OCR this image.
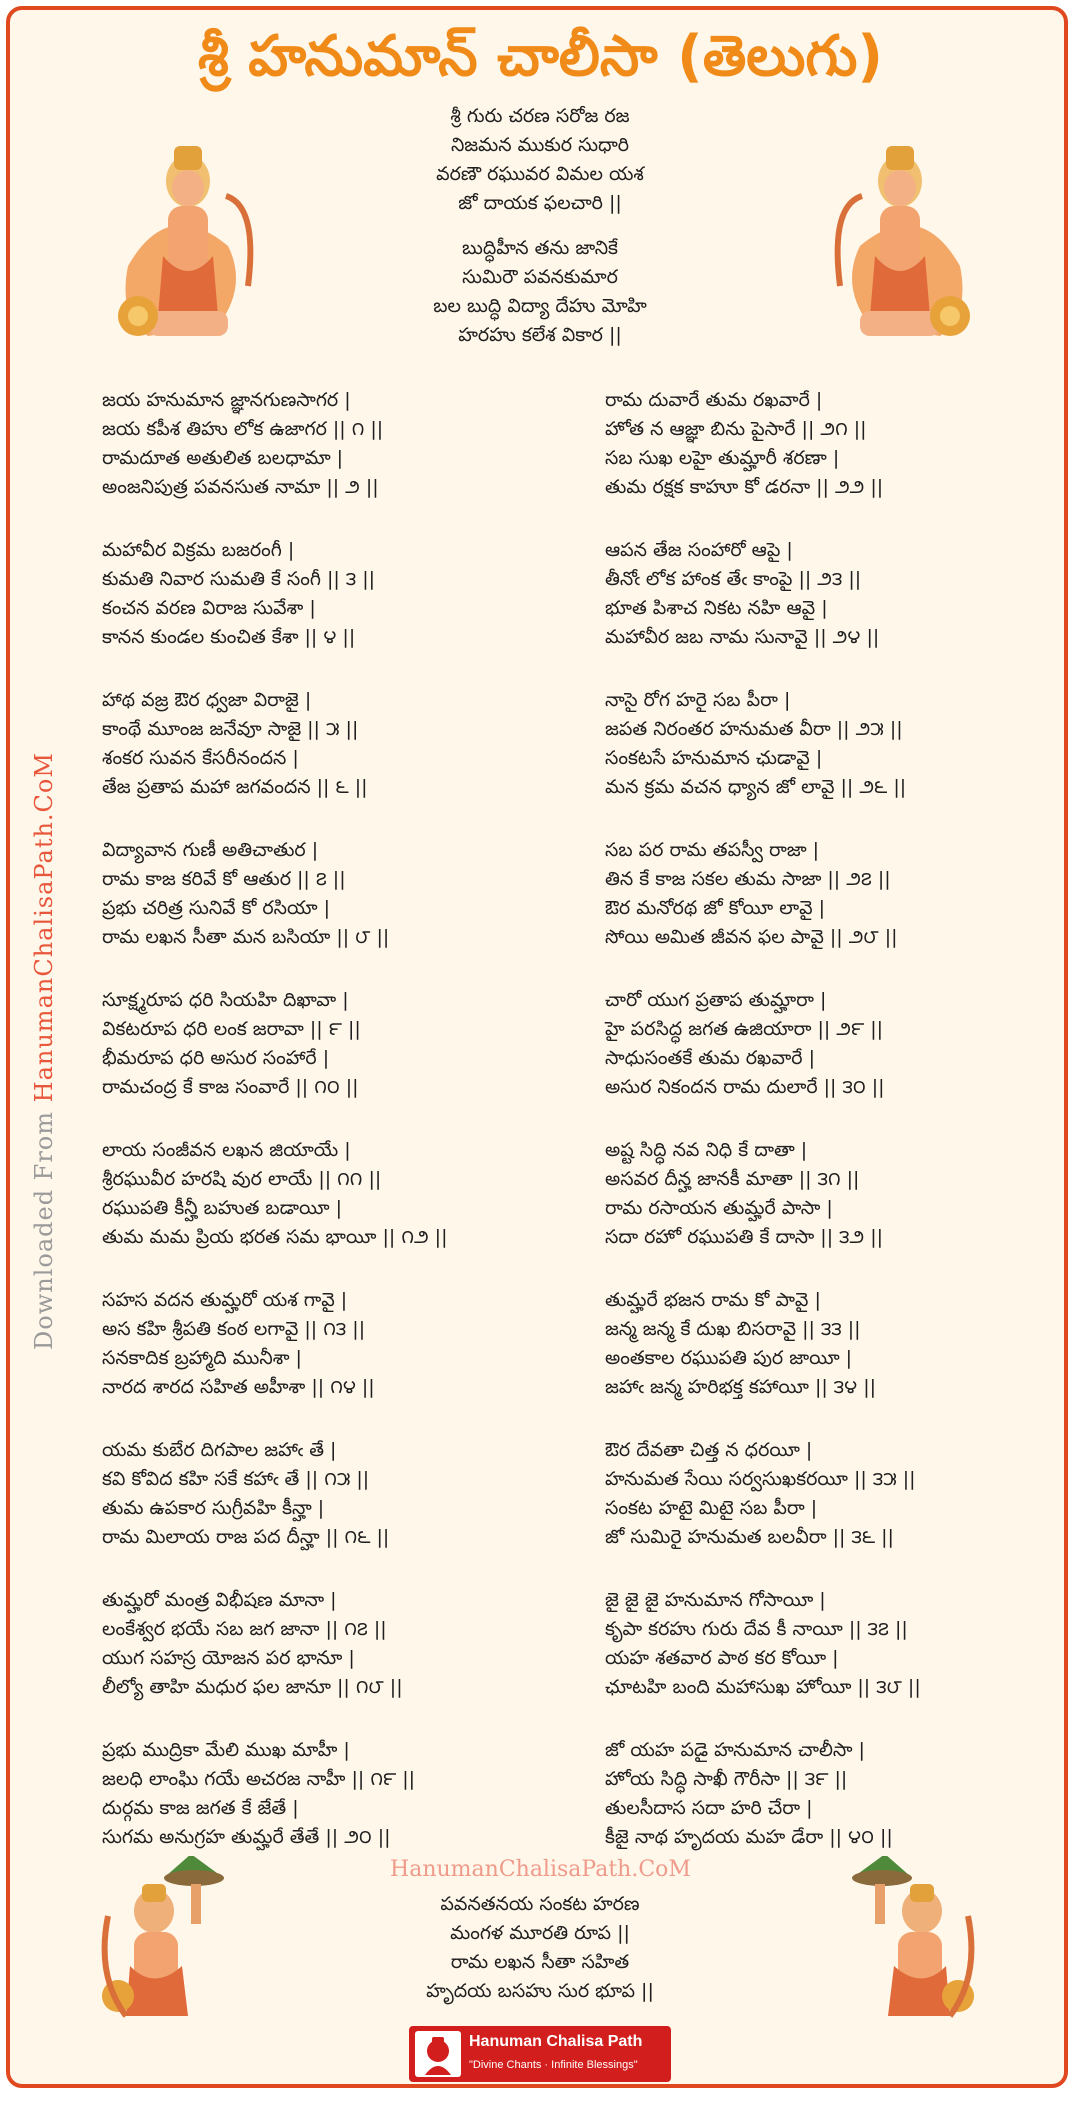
శ్రీ హనుమాన్ చాలీసా (తెలుగు)
శ్రీ గురు చరణ సరోజ రజ
నిజమన ముకుర సుధారి
వరణౌ రఘువర విమల యశ
జో దాయక ఫలచారి ||
బుద్ధిహీన తను జానికే
సుమిరౌ పవనకుమార
బల బుద్ధి విద్యా దేహు మోహి
హరహు కలేశ వికార ||
జయ హనుమాన జ్ఞానగుణసాగర |
జయ కపీశ తిహు లోక ఉజాగర || ౧ ||
రామదూత అతులిత బలధామా |
అంజనిపుత్ర పవనసుత నామా || ౨ ||
మహావీర విక్రమ బజరంగీ |
కుమతి నివార సుమతి కే సంగీ || ౩ ||
కంచన వరణ విరాజ సువేశా |
కానన కుండల కుంచిత కేశా || ౪ ||
హాథ వజ్ర ఔర ధ్వజా విరాజై |
కాంథే మూంజ జనేవూ సాజై || ౫ ||
శంకర సువన కేసరీనందన |
తేజ ప్రతాప మహా జగవందన || ౬ ||
విద్యావాన గుణీ అతిచాతుర |
రామ కాజ కరివే కో ఆతుర || ౭ ||
ప్రభు చరిత్ర సునివే కో రసియా |
రామ లఖన సీతా మన బసియా || ౮ ||
సూక్ష్మరూప ధరి సియహి దిఖావా |
వికటరూప ధరి లంక జరావా || ౯ ||
భీమరూప ధరి అసుర సంహారే |
రామచంద్ర కే కాజ సంవారే || ౧౦ ||
లాయ సంజీవన లఖన జియాయే |
శ్రీరఘువీర హరషి వుర లాయే || ౧౧ ||
రఘుపతి కీన్హీ బహుత బడాయీ |
తుమ మమ ప్రియ భరత సమ భాయీ || ౧౨ ||
సహస వదన తుమ్హరో యశ గావై |
అస కహి శ్రీపతి కంఠ లగావై || ౧౩ ||
సనకాదిక బ్రహ్మాది మునీశా |
నారద శారద సహిత అహీశా || ౧౪ ||
యమ కుబేర దిగపాల జహాఁ తే |
కవి కోవిద కహి సకే కహాఁ తే || ౧౫ ||
తుమ ఉపకార సుగ్రీవహి కీన్హా |
రామ మిలాయ రాజ పద దీన్హా || ౧౬ ||
తుమ్హరో మంత్ర విభీషణ మానా |
లంకేశ్వర భయే సబ జగ జానా || ౧౭ ||
యుగ సహస్ర యోజన పర భానూ |
లీల్యో తాహి మధుర ఫల జానూ || ౧౮ ||
ప్రభు ముద్రికా మేలి ముఖ మాహీ |
జలధి లాంఘి గయే అచరజ నాహీ || ౧౯ ||
దుర్గమ కాజ జగత కే జేతే |
సుగమ అనుగ్రహ తుమ్హరే తేతే || ౨౦ ||
రామ దువారే తుమ రఖవారే |
హోత న ఆజ్ఞా బిను పైసారే || ౨౧ ||
సబ సుఖ లహై తుమ్హారీ శరణా |
తుమ రక్షక కాహూ కో డరనా || ౨౨ ||
ఆపన తేజ సంహారో ఆపై |
తీనోఁ లోక హాంక తేఁ కాంపై || ౨౩ ||
భూత పిశాచ నికట నహి ఆవై |
మహావీర జబ నామ సునావై || ౨౪ ||
నాసై రోగ హరై సబ పీరా |
జపత నిరంతర హనుమత వీరా || ౨౫ ||
సంకటసే హనుమాన ఛుడావై |
మన క్రమ వచన ధ్యాన జో లావై || ౨౬ ||
సబ పర రామ తపస్వీ రాజా |
తిన కే కాజ సకల తుమ సాజా || ౨౭ ||
ఔర మనోరథ జో కోయీ లావై |
సోయి అమిత జీవన ఫల పావై || ౨౮ ||
చారో యుగ ప్రతాప తుమ్హారా |
హై పరసిద్ధ జగత ఉజియారా || ౨౯ ||
సాధుసంతకే తుమ రఖవారే |
అసుర నికందన రామ దులారే || ౩౦ ||
అష్ట సిద్ధి నవ నిధి కే దాతా |
అసవర దీన్హ జానకీ మాతా || ౩౧ ||
రామ రసాయన తుమ్హరే పాసా |
సదా రహో రఘుపతి కే దాసా || ౩౨ ||
తుమ్హరే భజన రామ కో పావై |
జన్మ జన్మ కే దుఖ బిసరావై || ౩౩ ||
అంతకాల రఘుపతి పుర జాయీ |
జహాఁ జన్మ హరిభక్త కహాయీ || ౩౪ ||
ఔర దేవతా చిత్త న ధరయీ |
హనుమత సేయి సర్వసుఖకరయీ || ౩౫ ||
సంకట హటై మిటై సబ పీరా |
జో సుమిరై హనుమత బలవీరా || ౩౬ ||
జై జై జై హనుమాన గోసాయీ |
కృపా కరహు గురు దేవ కీ నాయీ || ౩౭ ||
యహ శతవార పాఠ కర కోయీ |
ఛూటహి బంది మహాసుఖ హోయీ || ౩౮ ||
జో యహ పడై హనుమాన చాలీసా |
హోయ సిద్ధి సాఖీ గౌరీసా || ౩౯ ||
తులసీదాస సదా హరి చేరా |
కీజై నాథ హృదయ మహ డేరా || ౪౦ ||
Downloaded From HanumanChalisaPath.CoM
HanumanChalisaPath.CoM
పవనతనయ సంకట హరణ
మంగళ మూరతి రూప ||
రామ లఖన సీతా సహిత
హృదయ బసహు సుర భూప ||
Hanuman Chalisa Path
"Divine Chants · Infinite Blessings"
